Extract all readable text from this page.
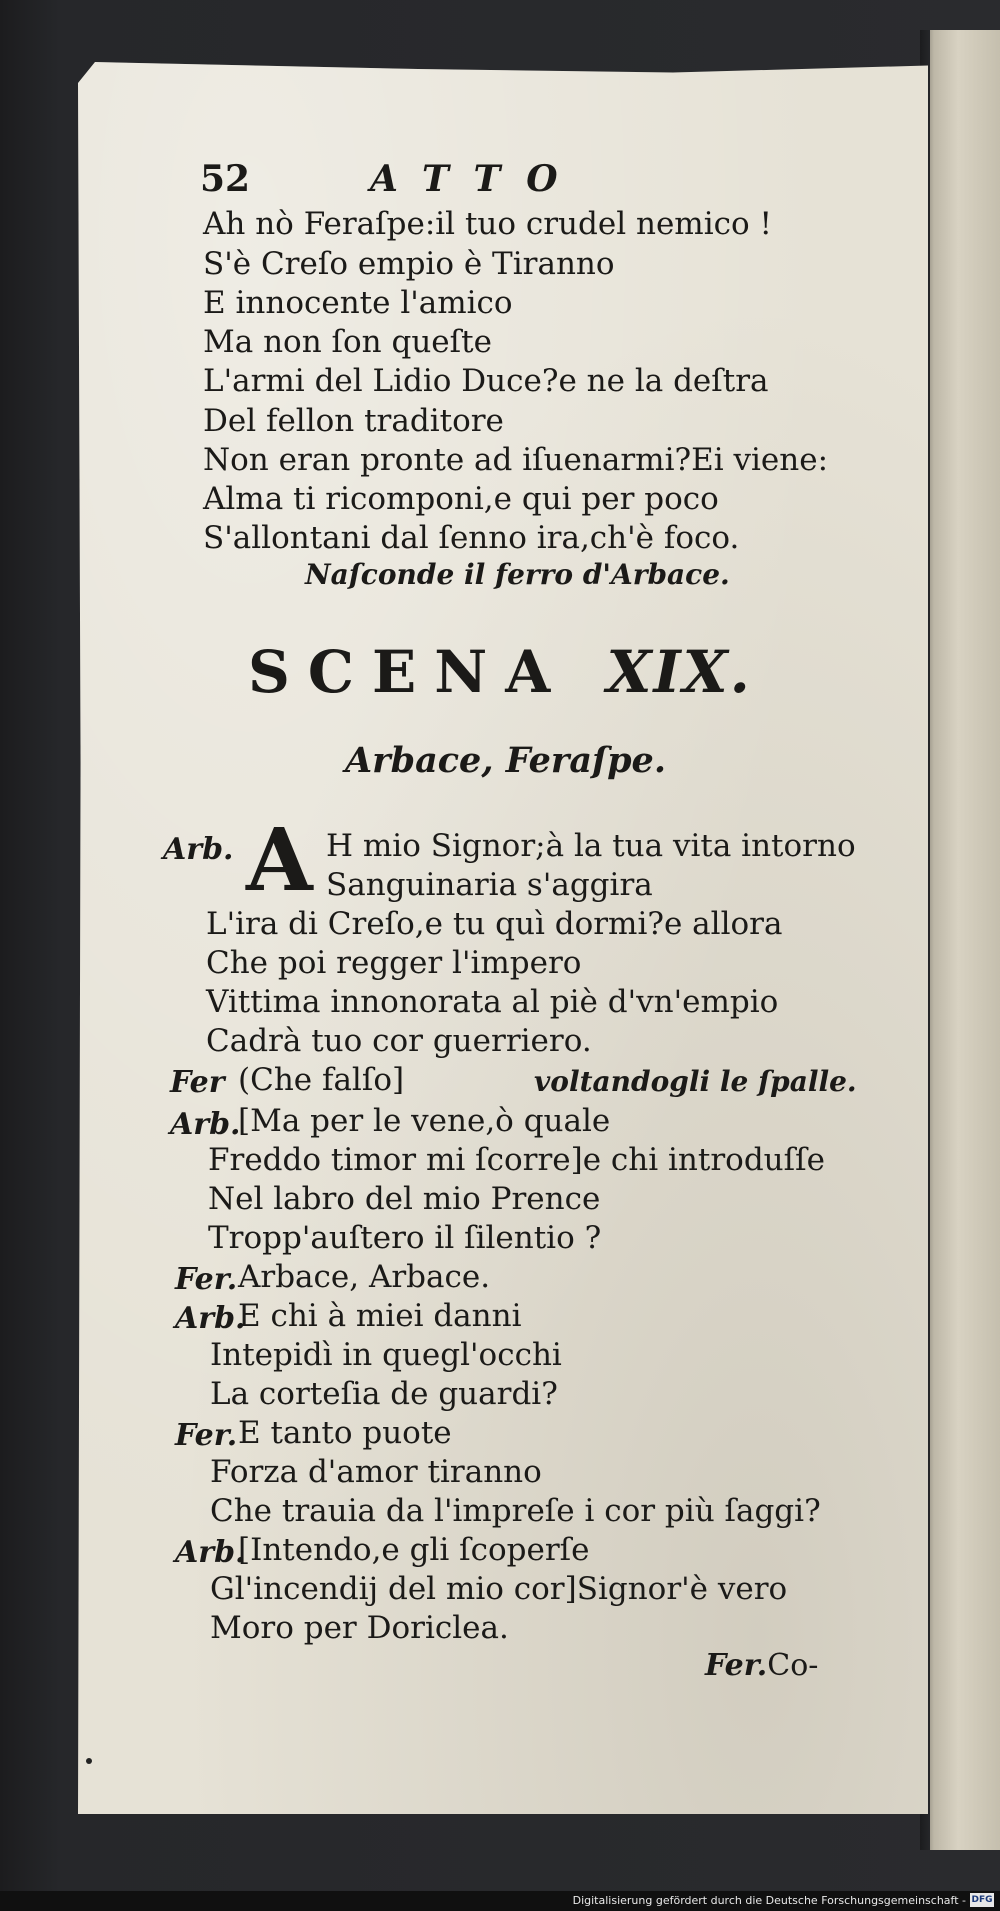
52	ATTO
Ah nò Feraſpe:il tuo crudel nemico !
S'è Creſo empio è Tiranno
E innocente l'amico
Ma non ſon queſte
L'armi del Lidio Duce?e ne la deſtra
Del fellon traditore
Non eran pronte ad iſuenarmi?Ei viene:
Alma ti ricomponi,e qui per poco
S'allontani dal ſenno ira,ch'è foco.
Naſconde il ferro d'Arbace.
SCENA XIX.
Arbace, Feraſpe.
A
Arb.	H mio Signor;à la tua vita intorno
Sanguinaria s'aggira
L'ira di Creſo,e tu quì dormi?e allora
Che poi regger l'impero
Vittima innonorata al piè d'vn'empio
Cadrà tuo cor guerriero.
Fer (Che falſo]	voltandogli le ſpalle.
Arb.
[Ma per le vene,ò quale
Freddo timor mi ſcorre]e chi introduſſe
Nel labro del mio Prence
Tropp'auſtero il ſilentio ?
Fer. Arbace, Arbace.
Arb.
E chi à miei danni
Intepidì in quegl'occhi
La corteſia de guardi?
Fer. E tanto puote
Forza d'amor tiranno
Che trauia da l'impreſe i cor più ſaggi?
Arb.
[Intendo,e gli ſcoperſe
Gl'incendij del mio cor]Signor'è vero
Moro per Doriclea.
Fer.Co-
Digitalisierung gefördert durch die Deutsche Forschungsgemeinschaft - DFG
